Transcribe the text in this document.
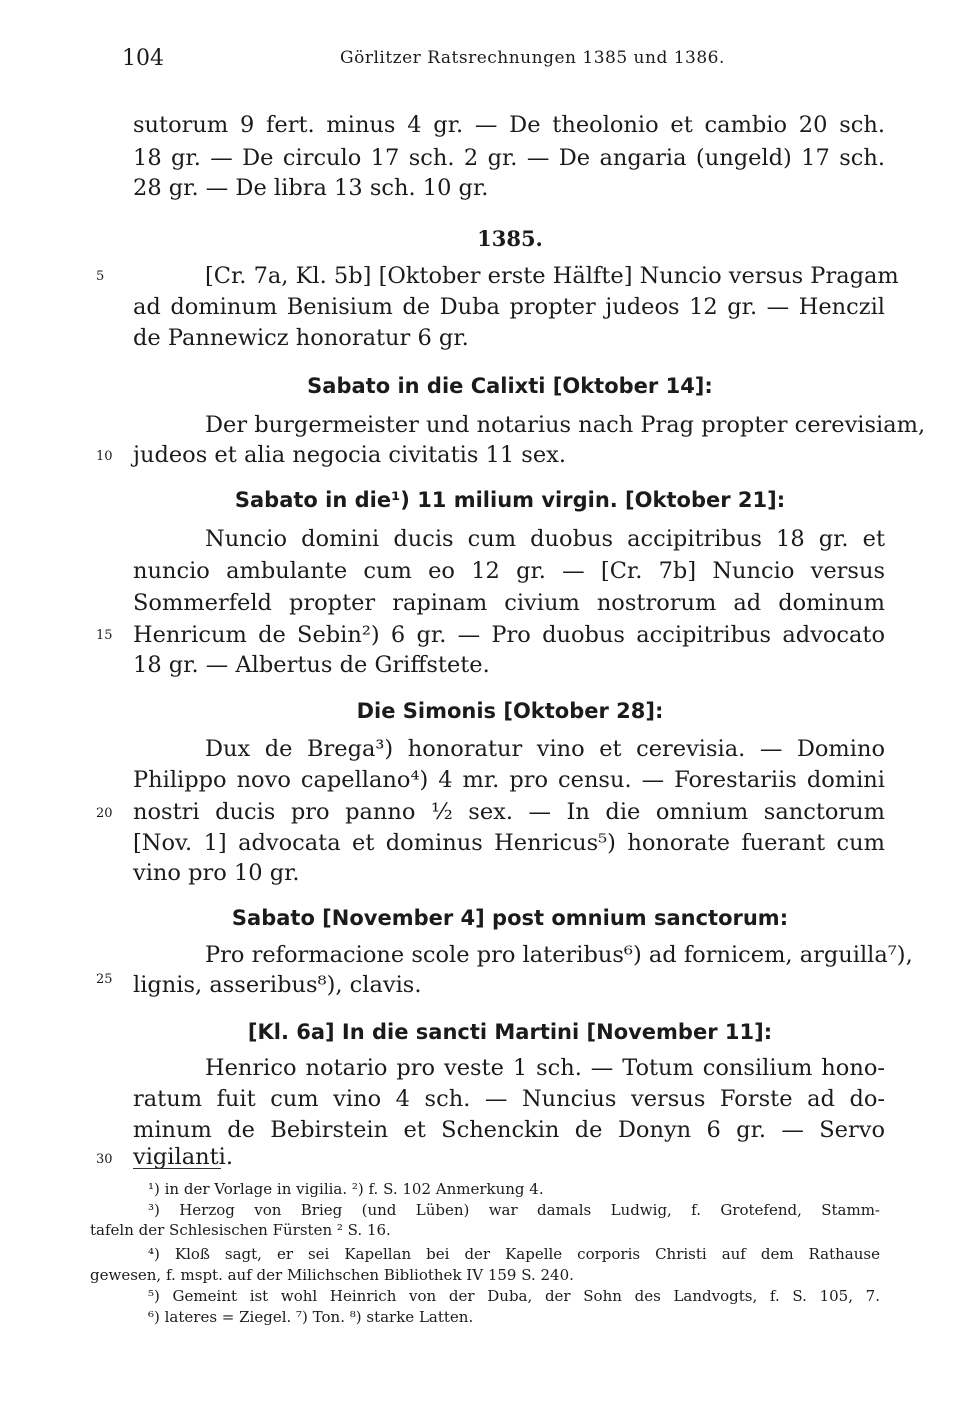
104	Görlitzer Ratsrechnungen 1385 und 1386.
sutorum 9 fert. minus 4 gr. — De theolonio et cambio 20 sch.
18 gr. — De circulo 17 sch. 2 gr. — De angaria (ungeld) 17 sch.
28 gr. — De libra 13 sch. 10 gr.
1385.
[Cr. 7a, Kl. 5b] [Oktober erste Hälfte] Nuncio versus Pragam
ad dominum Benisium de Duba propter judeos 12 gr. — Henczil
de Pannewicz honoratur 6 gr.
Sabato in die Calixti [Oktober 14]:
Der burgermeister und notarius nach Prag propter cerevisiam,
judeos et alia negocia civitatis 11 sex.
Sabato in die¹) 11 milium virgin. [Oktober 21]:
Nuncio domini ducis cum duobus accipitribus 18 gr. et
nuncio ambulante cum eo 12 gr. — [Cr. 7b] Nuncio versus
Sommerfeld propter rapinam civium nostrorum ad dominum
Henricum de Sebin²) 6 gr. — Pro duobus accipitribus advocato
18 gr. — Albertus de Griffstete.
Die Simonis [Oktober 28]:
Dux de Brega³) honoratur vino et cerevisia. — Domino
Philippo novo capellano⁴) 4 mr. pro censu. — Forestariis domini
nostri ducis pro panno ½ sex. — In die omnium sanctorum
[Nov. 1] advocata et dominus Henricus⁵) honorate fuerant cum
vino pro 10 gr.
Sabato [November 4] post omnium sanctorum:
Pro reformacione scole pro lateribus⁶) ad fornicem, arguilla⁷),
lignis, asseribus⁸), clavis.
[Kl. 6a] In die sancti Martini [November 11]:
Henrico notario pro veste 1 sch. — Totum consilium hono-
ratum fuit cum vino 4 sch. — Nuncius versus Forste ad do-
minum de Bebirstein et Schenckin de Donyn 6 gr. — Servo
vigilanti.
5
10
15
20
25
30
¹) in der Vorlage in vigilia. ²) f. S. 102 Anmerkung 4.
³) Herzog von Brieg (und Lüben) war damals Ludwig, f. Grotefend, Stamm-
tafeln der Schlesischen Fürsten ² S. 16.
⁴) Kloß sagt, er sei Kapellan bei der Kapelle corporis Christi auf dem Rathause
gewesen, f. mspt. auf der Milichschen Bibliothek IV 159 S. 240.
⁵) Gemeint ist wohl Heinrich von der Duba, der Sohn des Landvogts, f. S. 105, 7.
⁶) lateres = Ziegel. ⁷) Ton. ⁸) starke Latten.
